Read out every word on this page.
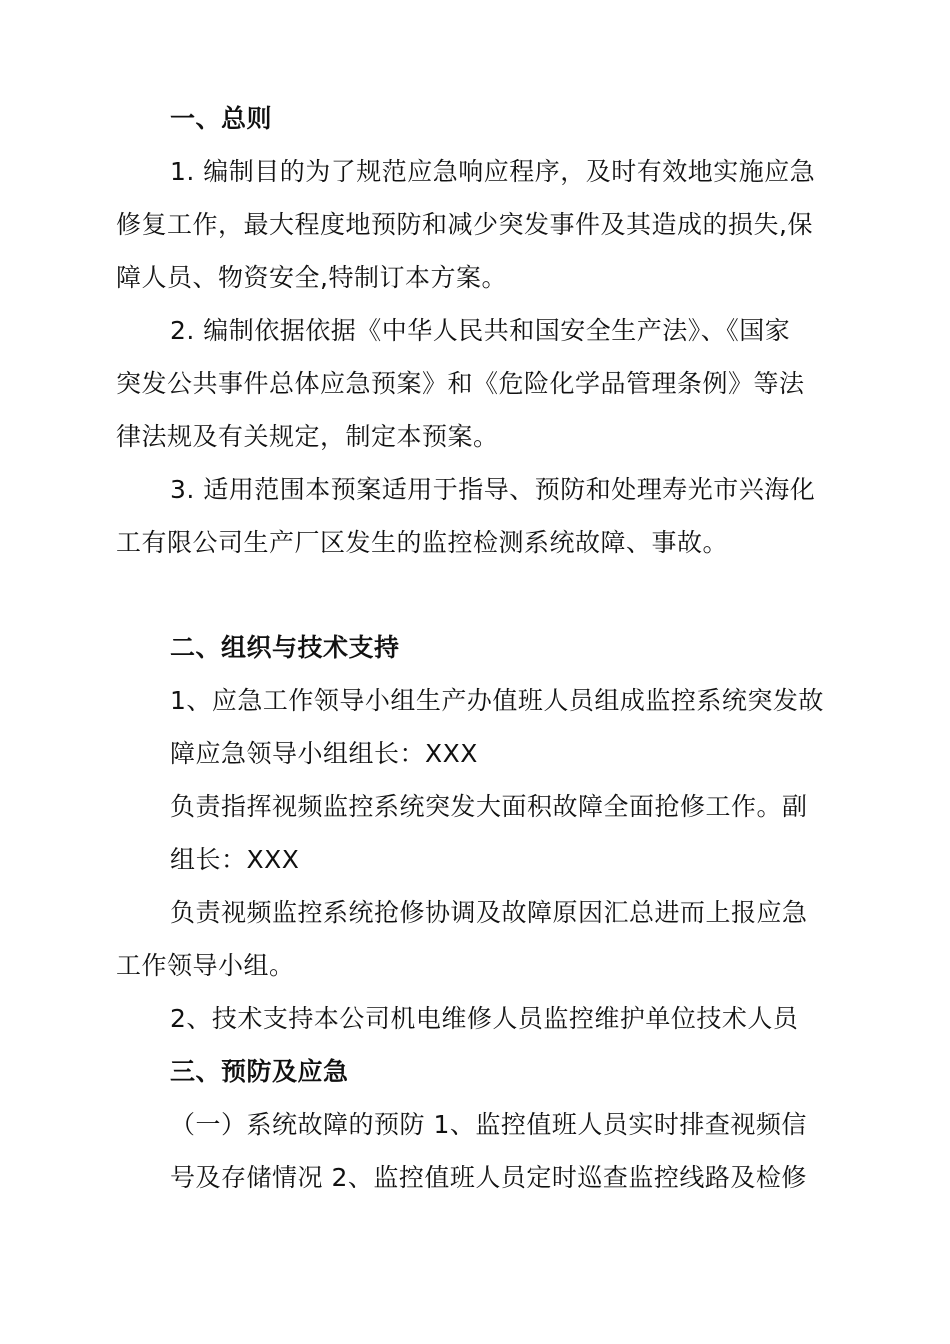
一、总则
1. 编制目的为了规范应急响应程序，及时有效地实施应急
修复工作，最大程度地预防和减少突发事件及其造成的损失,保
障人员、物资安全,特制订本方案。
2. 编制依据依据《中华人民共和国安全生产法》、《国家
突发公共事件总体应急预案》和《危险化学品管理条例》等法
律法规及有关规定，制定本预案。
3. 适用范围本预案适用于指导、预防和处理寿光市兴海化
工有限公司生产厂区发生的监控检测系统故障、事故。
二、组织与技术支持
1、应急工作领导小组生产办值班人员组成监控系统突发故
障应急领导小组组长：XXX
负责指挥视频监控系统突发大面积故障全面抢修工作。副
组长：XXX
负责视频监控系统抢修协调及故障原因汇总进而上报应急
工作领导小组。
2、技术支持本公司机电维修人员监控维护单位技术人员
三、预防及应急
（一）系统故障的预防 1、监控值班人员实时排查视频信
号及存储情况 2、监控值班人员定时巡查监控线路及检修
